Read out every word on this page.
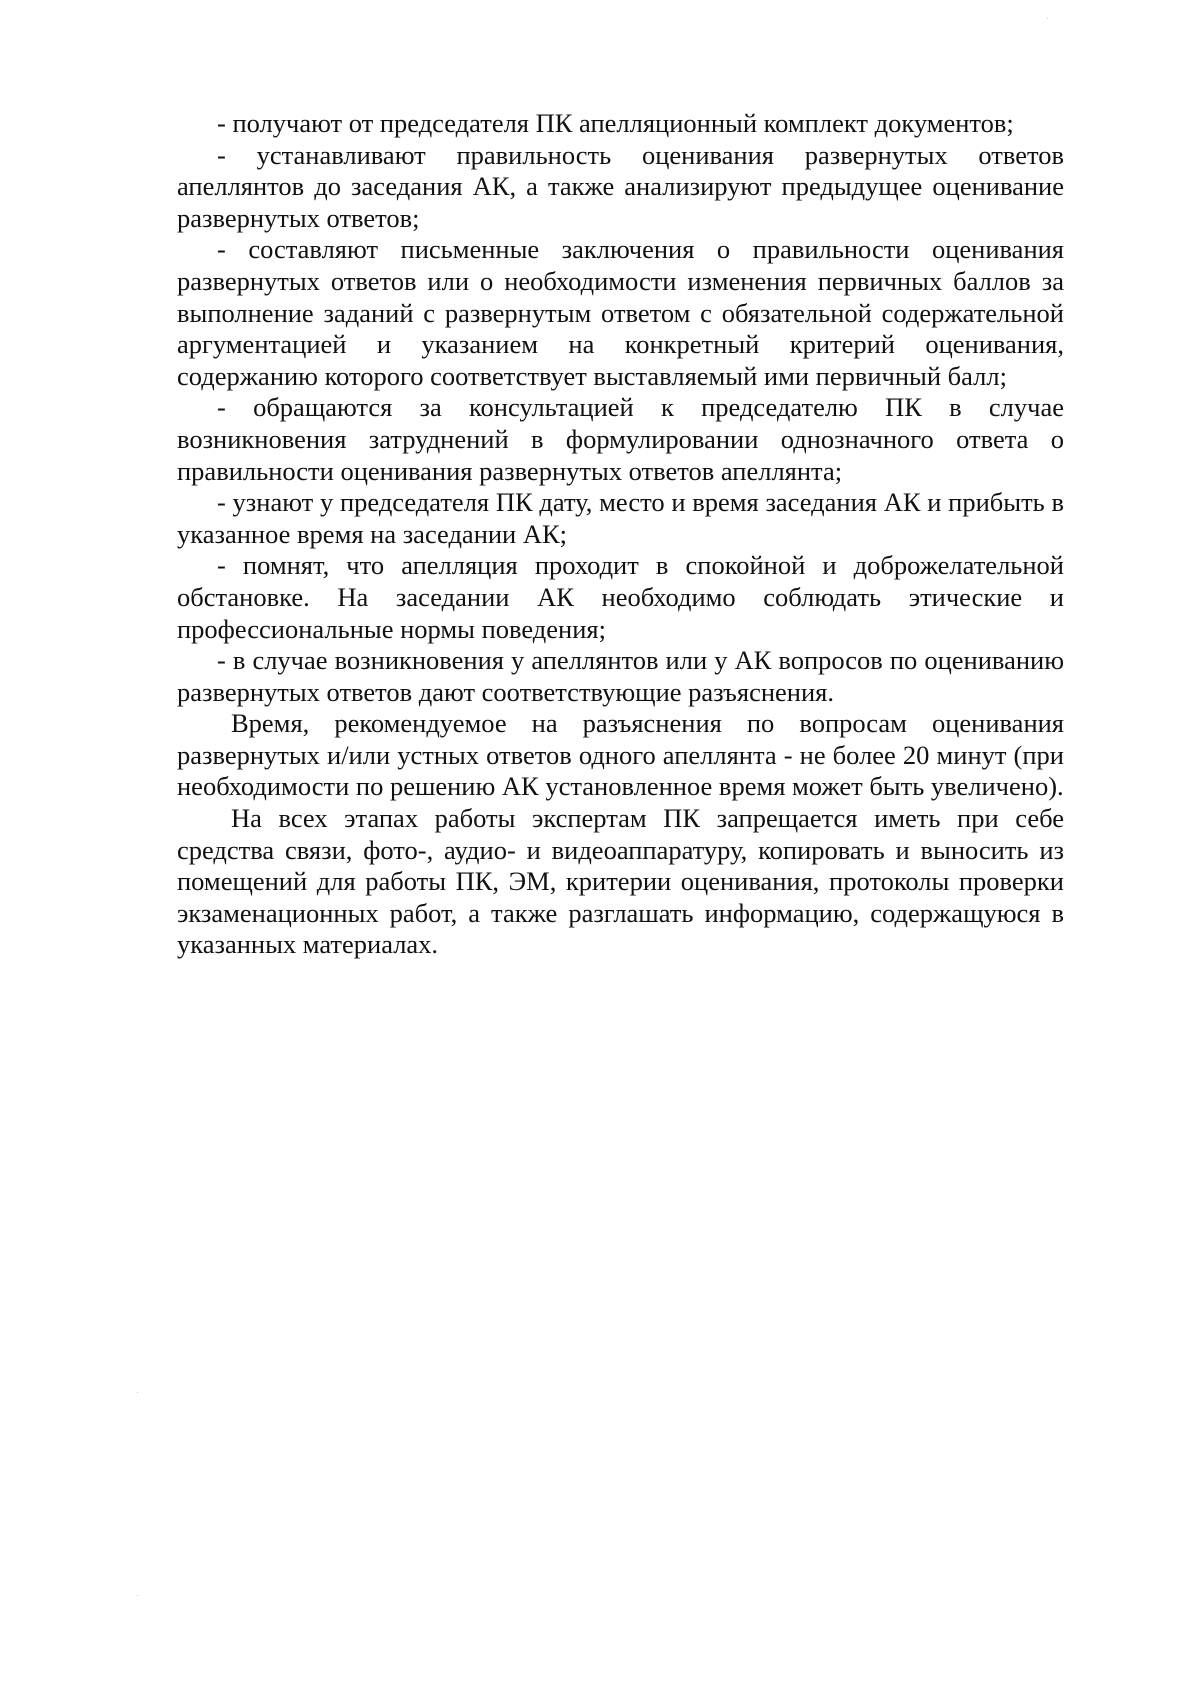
- получают от председателя ПК апелляционный комплект документов;

- устанавливают правильность оценивания развернутых ответов апеллянтов до заседания АК, а также анализируют предыдущее оценивание развернутых ответов;

- составляют письменные заключения о правильности оценивания развернутых ответов или о необходимости изменения первичных баллов за выполнение заданий с развернутым ответом с обязательной содержательной аргументацией и указанием на конкретный критерий оценивания, содержанию которого соответствует выставляемый ими первичный балл;

- обращаются за консультацией к председателю ПК в случае возникновения затруднений в формулировании однозначного ответа о правильности оценивания развернутых ответов апеллянта;

- узнают у председателя ПК дату, место и время заседания АК и прибыть в указанное время на заседании АК;

- помнят, что апелляция проходит в спокойной и доброжелательной обстановке. На заседании АК необходимо соблюдать этические и профессиональные нормы поведения;

- в случае возникновения у апеллянтов или у АК вопросов по оцениванию развернутых ответов дают соответствующие разъяснения.

Время, рекомендуемое на разъяснения по вопросам оценивания развернутых и/или устных ответов одного апеллянта - не более 20 минут (при необходимости по решению АК установленное время может быть увеличено).

На всех этапах работы экспертам ПК запрещается иметь при себе средства связи, фото-, аудио- и видеоаппаратуру, копировать и выносить из помещений для работы ПК, ЭМ, критерии оценивания, протоколы проверки экзаменационных работ, а также разглашать информацию, содержащуюся в указанных материалах.
